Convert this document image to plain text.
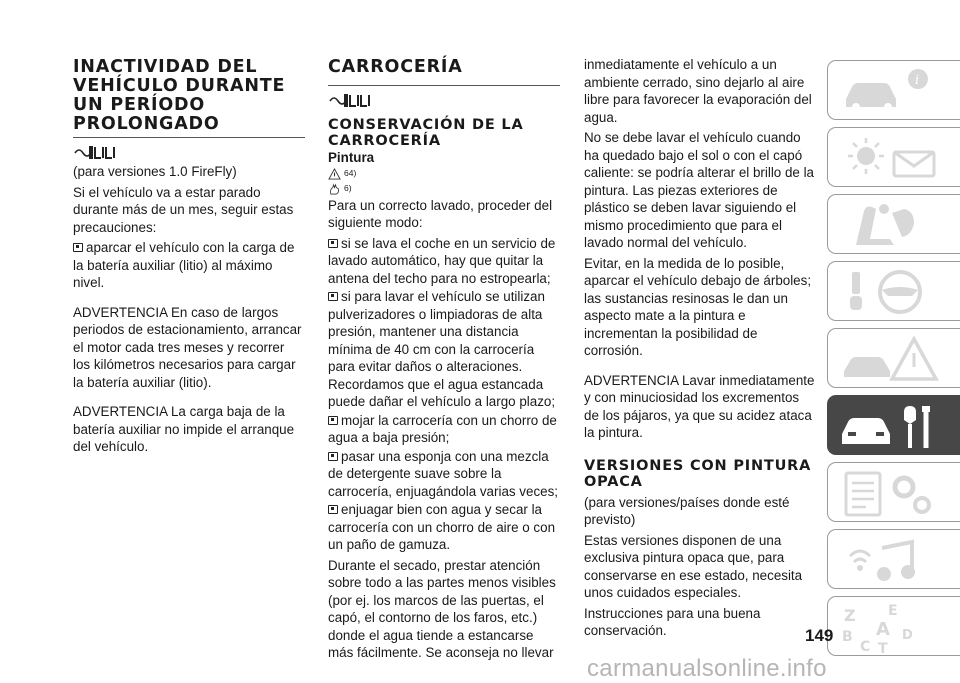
INACTIVIDAD DEL VEHÍCULO DURANTE UN PERÍODO PROLONGADO

(para versiones 1.0 FireFly)

Si el vehículo va a estar parado durante más de un mes, seguir estas precauciones:

aparcar el vehículo con la carga de la batería auxiliar (litio) al máximo nivel.

ADVERTENCIA En caso de largos periodos de estacionamiento, arrancar el motor cada tres meses y recorrer los kilómetros necesarios para cargar la batería auxiliar (litio).

ADVERTENCIA La carga baja de la batería auxiliar no impide el arranque del vehículo.

CARROCERÍA
CONSERVACIÓN DE LA CARROCERÍA
Pintura
64)
6)

Para un correcto lavado, proceder del siguiente modo:

si se lava el coche en un servicio de lavado automático, hay que quitar la antena del techo para no estropearla;

si para lavar el vehículo se utilizan pulverizadores o limpiadoras de alta presión, mantener una distancia mínima de 40 cm con la carrocería para evitar daños o alteraciones. Recordamos que el agua estancada puede dañar el vehículo a largo plazo;

mojar la carrocería con un chorro de agua a baja presión;

pasar una esponja con una mezcla de detergente suave sobre la carrocería, enjuagándola varias veces;

enjuagar bien con agua y secar la carrocería con un chorro de aire o con un paño de gamuza.

Durante el secado, prestar atención sobre todo a las partes menos visibles (por ej. los marcos de las puertas, el capó, el contorno de los faros, etc.) donde el agua tiende a estancarse más fácilmente. Se aconseja no llevar

inmediatamente el vehículo a un ambiente cerrado, sino dejarlo al aire libre para favorecer la evaporación del agua.

No se debe lavar el vehículo cuando ha quedado bajo el sol o con el capó caliente: se podría alterar el brillo de la pintura. Las piezas exteriores de plástico se deben lavar siguiendo el mismo procedimiento que para el lavado normal del vehículo.

Evitar, en la medida de lo posible, aparcar el vehículo debajo de árboles; las sustancias resinosas le dan un aspecto mate a la pintura e incrementan la posibilidad de corrosión.

ADVERTENCIA Lavar inmediatamente y con minuciosidad los excrementos de los pájaros, ya que su acidez ataca la pintura.

VERSIONES CON PINTURA OPACA

(para versiones/países donde esté previsto)

Estas versiones disponen de una exclusiva pintura opaca que, para conservarse en ese estado, necesita unos cuidados especiales.

Instrucciones para una buena conservación.

i
Z E
B A D
C T
149
carmanualsonline.info
